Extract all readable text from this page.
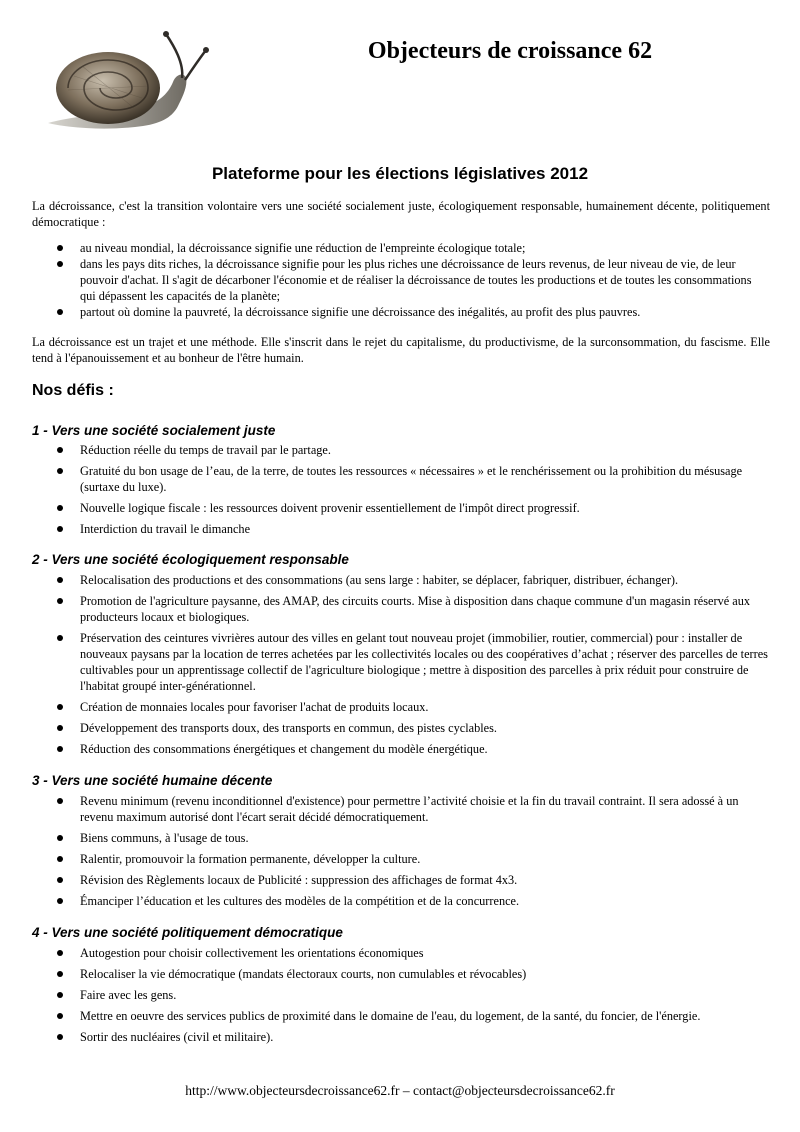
Objecteurs de croissance 62
Plateforme pour les élections législatives 2012

La décroissance, c'est la transition volontaire vers une société socialement juste, écologiquement responsable, humainement décente, politiquement démocratique :

au niveau mondial, la décroissance signifie une réduction de l'empreinte écologique totale;
dans les pays dits riches, la décroissance signifie pour les plus riches une décroissance de leurs revenus, de leur niveau de vie, de leur pouvoir d'achat. Il s'agit de décarboner l'économie et de réaliser la décroissance de toutes les productions et de toutes les consommations qui dépassent les capacités de la planète;
partout où domine la pauvreté, la décroissance signifie une décroissance des inégalités, au profit des plus pauvres.

La décroissance est un trajet et une méthode. Elle s'inscrit dans le rejet du capitalisme, du productivisme, de la surconsommation, du fascisme. Elle tend à l'épanouissement et au bonheur de l'être humain.

Nos défis :
1 - Vers une société socialement juste
Réduction réelle du temps de travail par le partage.
Gratuité du bon usage de l’eau, de la terre, de toutes les ressources « nécessaires » et le renchérissement ou la prohibition du mésusage (surtaxe du luxe).
Nouvelle logique fiscale : les ressources doivent provenir essentiellement de l'impôt direct progressif.
Interdiction du travail le dimanche
2 - Vers une société écologiquement responsable
Relocalisation des productions et des consommations (au sens large : habiter, se déplacer, fabriquer, distribuer, échanger).
Promotion de l'agriculture paysanne, des AMAP, des circuits courts. Mise à disposition dans chaque commune d'un magasin réservé aux producteurs locaux et biologiques.
Préservation des ceintures vivrières autour des villes en gelant tout nouveau projet (immobilier, routier, commercial) pour : installer de nouveaux paysans par la location de terres achetées par les collectivités locales ou des coopératives d’achat ; réserver des parcelles de terres cultivables pour un apprentissage collectif de l'agriculture biologique ; mettre à disposition des parcelles à prix réduit pour construire de l'habitat groupé inter-générationnel.
Création de monnaies locales pour favoriser l'achat de produits locaux.
Développement des transports doux, des transports en commun, des pistes cyclables.
Réduction des consommations énergétiques et changement du modèle énergétique.
3 - Vers une société humaine décente
Revenu minimum (revenu inconditionnel d'existence) pour permettre l’activité choisie et la fin du travail contraint. Il sera adossé à un revenu maximum autorisé dont l'écart serait décidé démocratiquement.
Biens communs, à l'usage de tous.
Ralentir, promouvoir la formation permanente, développer la culture.
Révision des Règlements locaux de Publicité : suppression des affichages de format 4x3.
Émanciper l’éducation et les cultures des modèles de la compétition et de la concurrence.
4 - Vers une société politiquement démocratique
Autogestion pour choisir collectivement les orientations économiques
Relocaliser la vie démocratique (mandats électoraux courts, non cumulables et révocables)
Faire avec les gens.
Mettre en oeuvre des services publics de proximité dans le domaine de l'eau, du logement, de la santé, du foncier, de l'énergie.
Sortir des nucléaires (civil et militaire).
http://www.objecteursdecroissance62.fr – contact@objecteursdecroissance62.fr
